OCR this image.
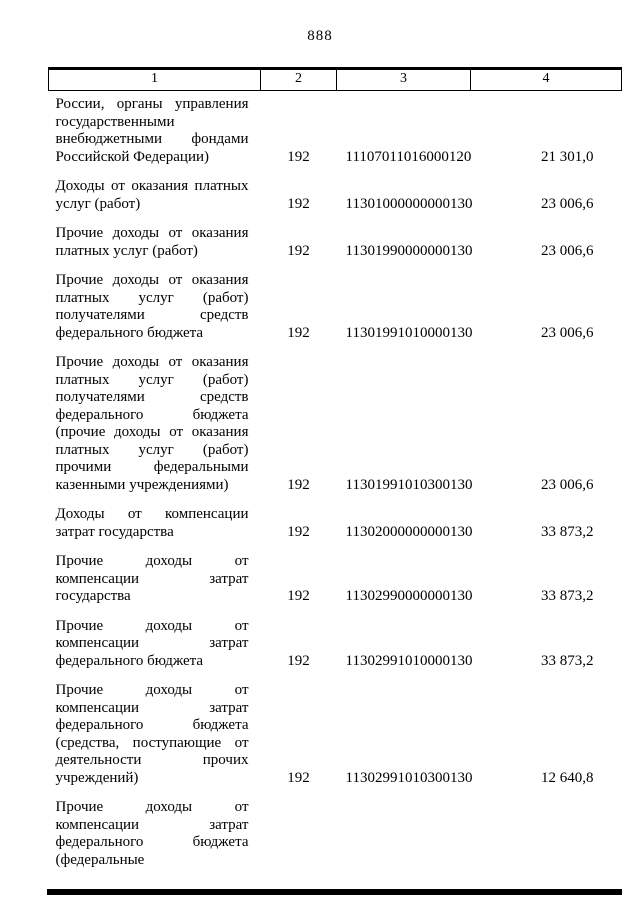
888
1	2	3	4
России, органы управления государственными внебюджетными фондами Российской Федерации)	192	11107011016000120	21 301,0
Доходы от оказания платных услуг (работ)	192	11301000000000130	23 006,6
Прочие доходы от оказания платных услуг (работ)	192	11301990000000130	23 006,6
Прочие доходы от оказания платных услуг (работ) получателями средств федерального бюджета	192	11301991010000130	23 006,6
Прочие доходы от оказания платных услуг (работ) получателями средств федерального бюджета (прочие доходы от оказания платных услуг (работ) прочими федеральными казенными учреждениями)	192	11301991010300130	23 006,6
Доходы от компенсации затрат государства	192	11302000000000130	33 873,2
Прочие доходы от компенсации затрат государства	192	11302990000000130	33 873,2
Прочие доходы от компенсации затрат федерального бюджета	192	11302991010000130	33 873,2
Прочие доходы от компенсации затрат федерального бюджета (средства, поступающие от деятельности прочих учреждений)	192	11302991010300130	12 640,8
Прочие доходы от компенсации затрат федерального бюджета (федеральные			
